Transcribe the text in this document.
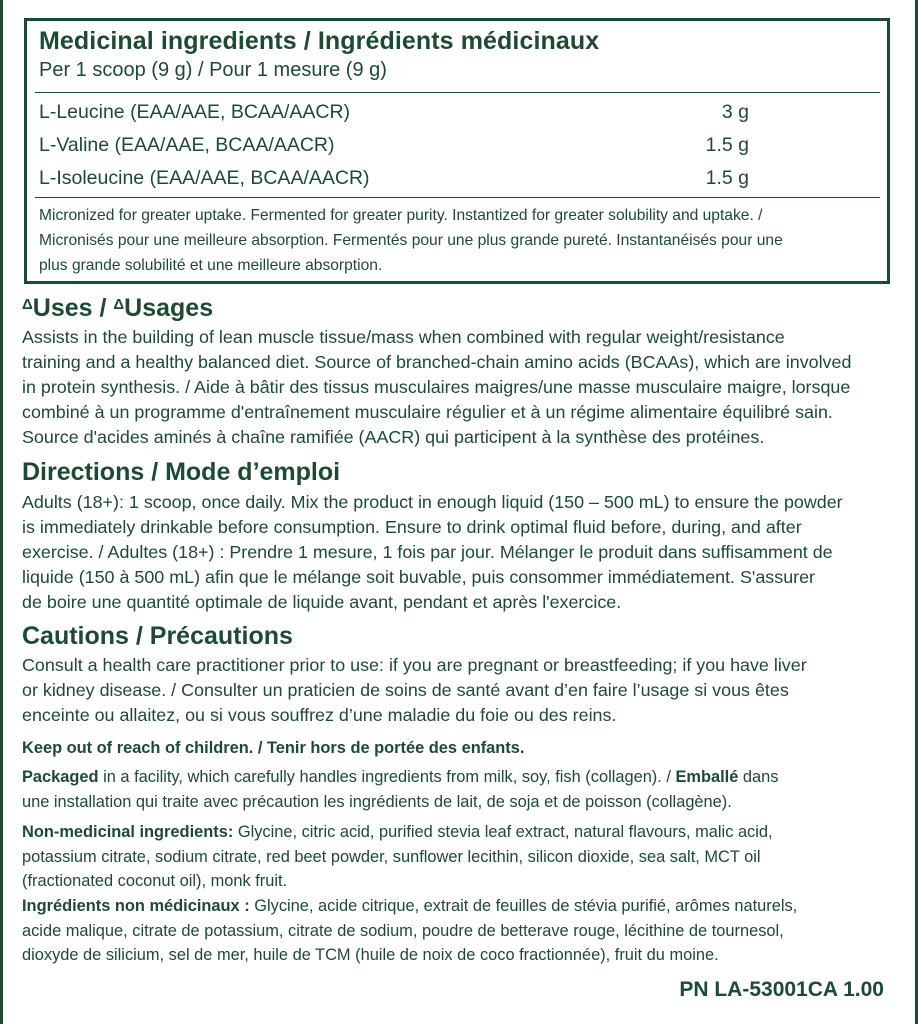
Medicinal ingredients / Ingrédients médicinaux
Per 1 scoop (9 g) / Pour 1 mesure (9 g)
L-Leucine (EAA/AAE, BCAA/AACR)	3 g
L-Valine (EAA/AAE, BCAA/AACR)	1.5 g
L-Isoleucine (EAA/AAE, BCAA/AACR)	1.5 g
Micronized for greater uptake. Fermented for greater purity. Instantized for greater solubility and uptake. /
Micronisés pour une meilleure absorption. Fermentés pour une plus grande pureté. Instantanéisés pour une
plus grande solubilité et une meilleure absorption.
$^\Delta$Uses / $^\Delta$Usages
Assists in the building of lean muscle tissue/mass when combined with regular weight/resistance
training and a healthy balanced diet. Source of branched-chain amino acids (BCAAs), which are involved
in protein synthesis. / Aide à bâtir des tissus musculaires maigres/une masse musculaire maigre, lorsque
combiné à un programme d'entraînement musculaire régulier et à un régime alimentaire équilibré sain.
Source d'acides aminés à chaîne ramifiée (AACR) qui participent à la synthèse des protéines.
Directions / Mode d’emploi
Adults (18+): 1 scoop, once daily. Mix the product in enough liquid (150 – 500 mL) to ensure the powder
is immediately drinkable before consumption. Ensure to drink optimal fluid before, during, and after
exercise. / Adultes (18+) : Prendre 1 mesure, 1 fois par jour. Mélanger le produit dans suffisamment de
liquide (150 à 500 mL) afin que le mélange soit buvable, puis consommer immédiatement. S'assurer
de boire une quantité optimale de liquide avant, pendant et après l'exercice.
Cautions / Précautions
Consult a health care practitioner prior to use: if you are pregnant or breastfeeding; if you have liver
or kidney disease. / Consulter un praticien de soins de santé avant d’en faire l’usage si vous êtes
enceinte ou allaitez, ou si vous souffrez d’une maladie du foie ou des reins.
Keep out of reach of children. / Tenir hors de portée des enfants.
Packaged in a facility, which carefully handles ingredients from milk, soy, fish (collagen). / Emballé dans
une installation qui traite avec précaution les ingrédients de lait, de soja et de poisson (collagène).
Non-medicinal ingredients: Glycine, citric acid, purified stevia leaf extract, natural flavours, malic acid,
potassium citrate, sodium citrate, red beet powder, sunflower lecithin, silicon dioxide, sea salt, MCT oil
(fractionated coconut oil), monk fruit.
Ingrédients non médicinaux : Glycine, acide citrique, extrait de feuilles de stévia purifié, arômes naturels,
acide malique, citrate de potassium, citrate de sodium, poudre de betterave rouge, lécithine de tournesol,
dioxyde de silicium, sel de mer, huile de TCM (huile de noix de coco fractionnée), fruit du moine.
PN LA-53001CA 1.00
